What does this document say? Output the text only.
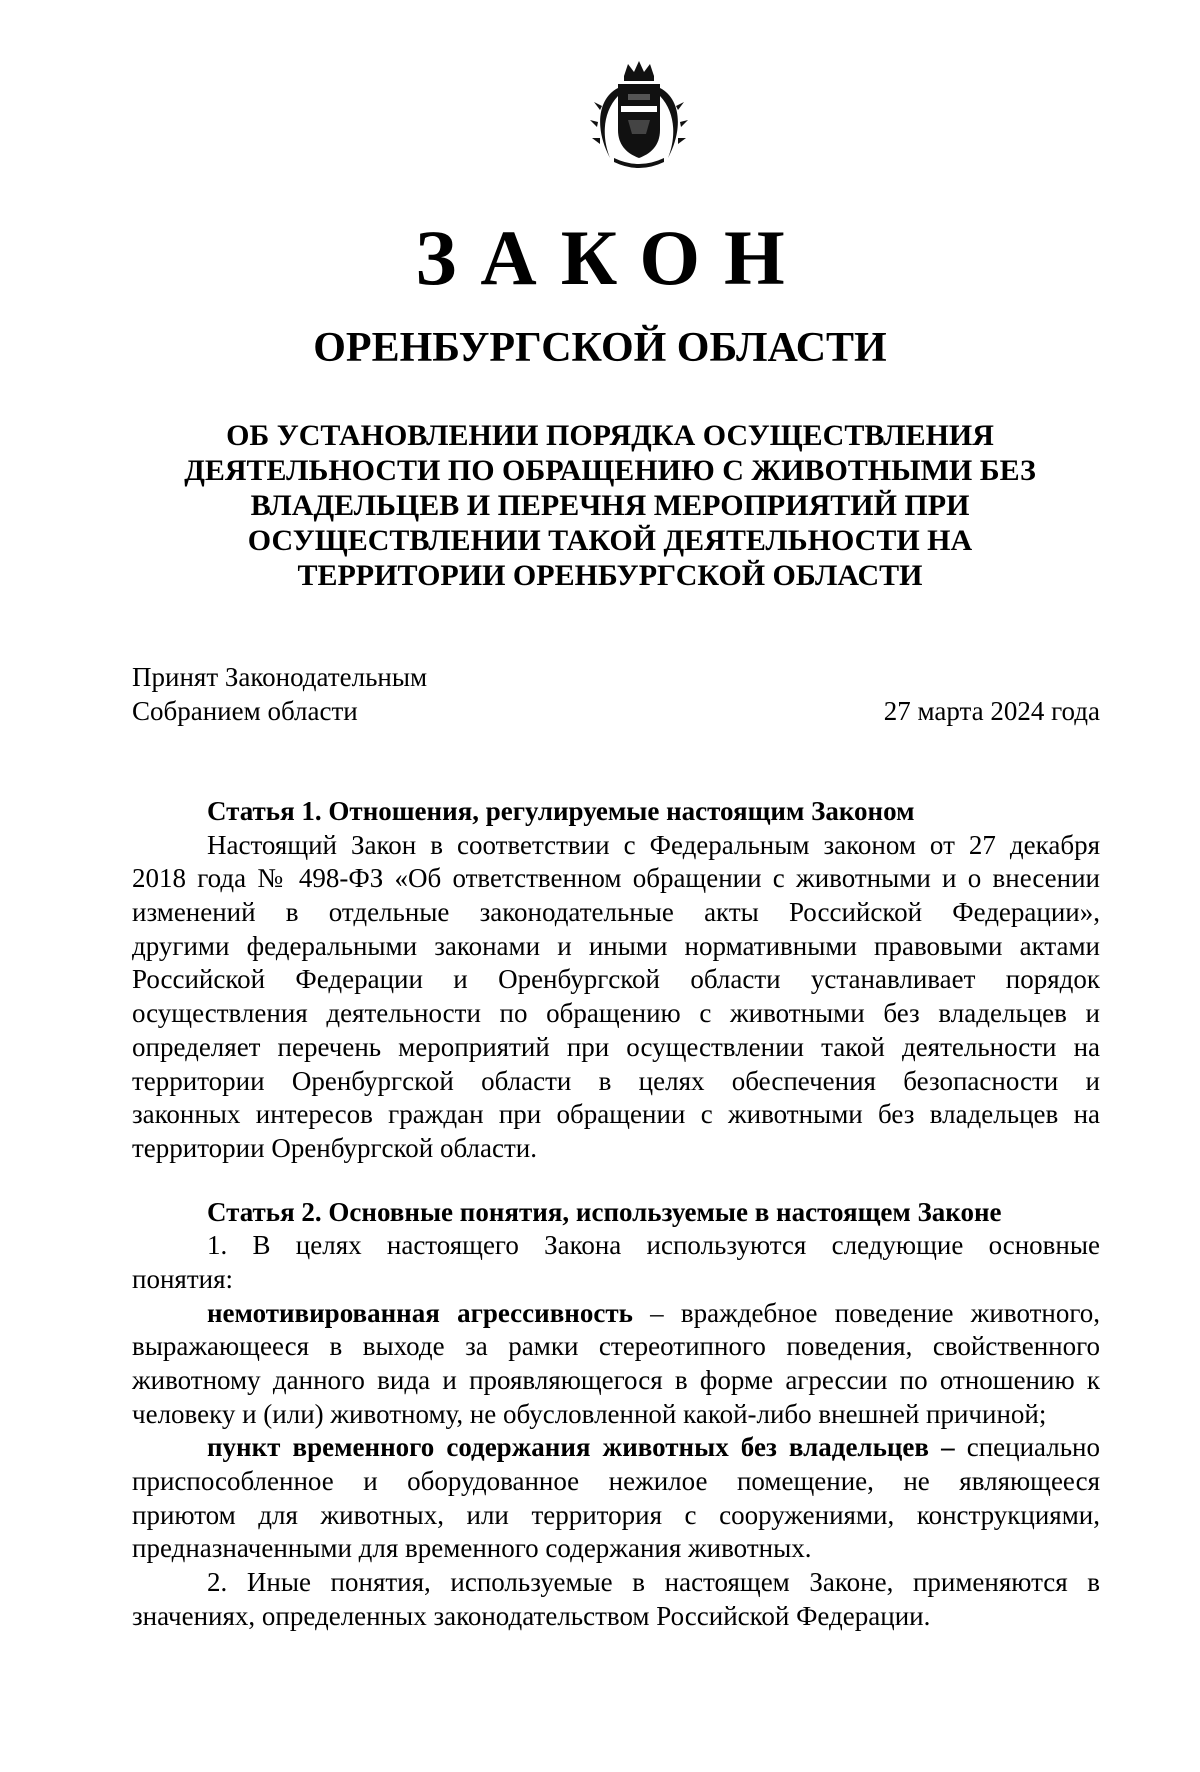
ЗАКОН
ОРЕНБУРГСКОЙ ОБЛАСТИ
ОБ УСТАНОВЛЕНИИ ПОРЯДКА ОСУЩЕСТВЛЕНИЯ
ДЕЯТЕЛЬНОСТИ ПО ОБРАЩЕНИЮ С ЖИВОТНЫМИ БЕЗ
ВЛАДЕЛЬЦЕВ И ПЕРЕЧНЯ МЕРОПРИЯТИЙ ПРИ
ОСУЩЕСТВЛЕНИИ ТАКОЙ ДЕЯТЕЛЬНОСТИ НА
ТЕРРИТОРИИ ОРЕНБУРГСКОЙ ОБЛАСТИ
Принят Законодательным
Собранием области	27 марта 2024 года
Статья 1. Отношения, регулируемые настоящим Законом
Настоящий Закон в соответствии с Федеральным законом от 27 декабря
2018 года № 498-ФЗ «Об ответственном обращении с животными и о внесении
изменений в отдельные законодательные акты Российской Федерации»,
другими федеральными законами и иными нормативными правовыми актами
Российской Федерации и Оренбургской области устанавливает порядок
осуществления деятельности по обращению с животными без владельцев и
определяет перечень мероприятий при осуществлении такой деятельности на
территории Оренбургской области в целях обеспечения безопасности и
законных интересов граждан при обращении с животными без владельцев на
территории Оренбургской области.
Статья 2. Основные понятия, используемые в настоящем Законе
1. В целях настоящего Закона используются следующие основные
понятия:
немотивированная агрессивность – враждебное поведение животного,
выражающееся в выходе за рамки стереотипного поведения, свойственного
животному данного вида и проявляющегося в форме агрессии по отношению к
человеку и (или) животному, не обусловленной какой-либо внешней причиной;
пункт временного содержания животных без владельцев – специально
приспособленное и оборудованное нежилое помещение, не являющееся
приютом для животных, или территория с сооружениями, конструкциями,
предназначенными для временного содержания животных.
2. Иные понятия, используемые в настоящем Законе, применяются в
значениях, определенных законодательством Российской Федерации.
